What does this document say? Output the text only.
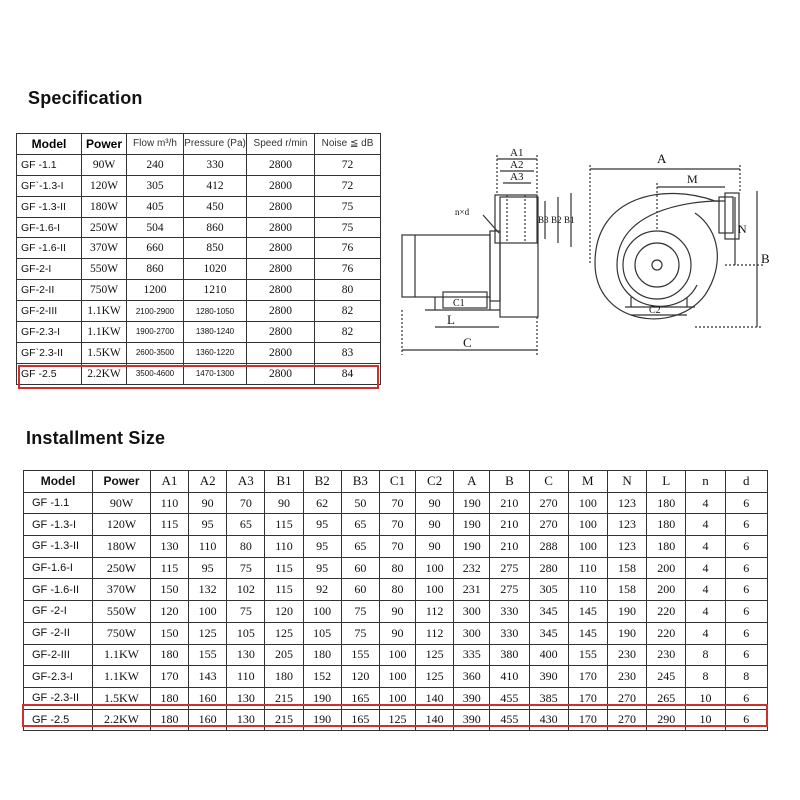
Specification
Model	Power	Flow m³/h	Pressure (Pa)	Speed r/min	Noise ≦ dB
GF -1.1	90W	240	330	2800	72
GF`-1.3-I	120W	305	412	2800	72
GF -1.3-II	180W	405	450	2800	75
GF-1.6-I	250W	504	860	2800	75
GF -1.6-II	370W	660	850	2800	76
GF-2-I	550W	860	1020	2800	76
GF-2-II	750W	1200	1210	2800	80
GF-2-III	1.1KW	2100-2900	1280-1050	2800	82
GF-2.3-I	1.1KW	1900-2700	1380-1240	2800	82
GF`2.3-II	1.5KW	2600-3500	1360-1220	2800	83
GF -2.5	2.2KW	3500-4600	1470-1300	2800	84
Installment Size
Model	Power	A1	A2	A3	B1	B2	B3	C1	C2	A	B	C	M	N	L	n	d
GF -1.1	90W	110	90	70	90	62	50	70	90	190	210	270	100	123	180	4	6
GF -1.3-I	120W	115	95	65	115	95	65	70	90	190	210	270	100	123	180	4	6
GF -1.3-II	180W	130	110	80	110	95	65	70	90	190	210	288	100	123	180	4	6
GF-1.6-I	250W	115	95	75	115	95	60	80	100	232	275	280	110	158	200	4	6
GF -1.6-II	370W	150	132	102	115	92	60	80	100	231	275	305	110	158	200	4	6
GF -2-I	550W	120	100	75	120	100	75	90	112	300	330	345	145	190	220	4	6
GF -2-II	750W	150	125	105	125	105	75	90	112	300	330	345	145	190	220	4	6
GF-2-III	1.1KW	180	155	130	205	180	155	100	125	335	380	400	155	230	230	8	6
GF-2.3-I	1.1KW	170	143	110	180	152	120	100	125	360	410	390	170	230	245	8	8
GF -2.3-II	1.5KW	180	160	130	215	190	165	100	140	390	455	385	170	270	265	10	6
GF -2.5	2.2KW	180	160	130	215	190	165	125	140	390	455	430	170	270	290	10	6
A1
A2
A3
B3 B2 B1
n×d
C1
L
C
A
M
N
B
C2
